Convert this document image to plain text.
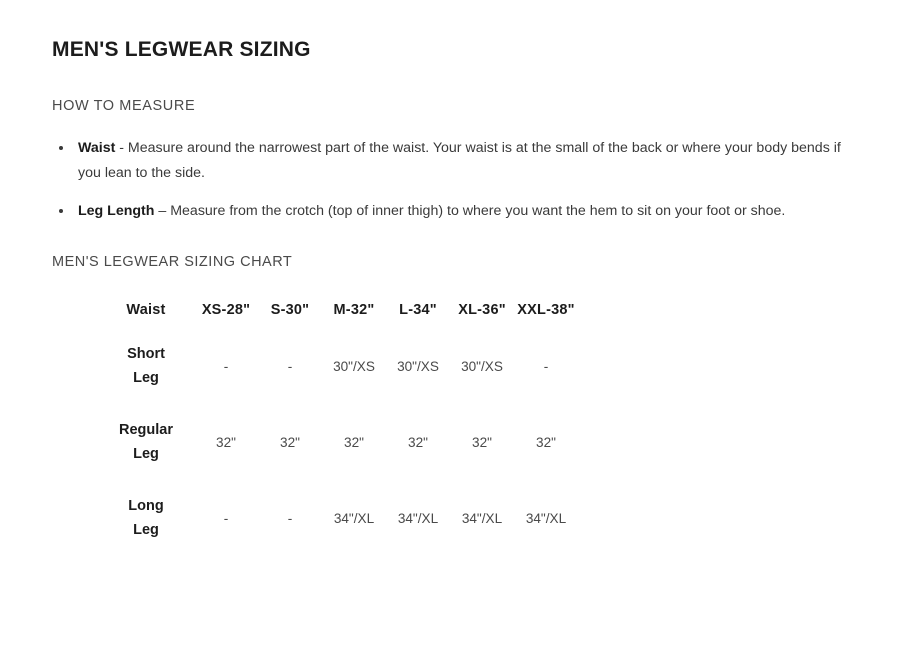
MEN'S LEGWEAR SIZING
HOW TO MEASURE
• Waist - Measure around the narrowest part of the waist. Your waist is at the small of the back or where your body bends if you lean to the side.
• Leg Length – Measure from the crotch (top of inner thigh) to where you want the hem to sit on your foot or shoe.
MEN'S LEGWEAR SIZING CHART
Waist	XS-28"	S-30"	M-32"	L-34"	XL-36"	XXL-38"

Short
Leg	-	-	30"/XS	30"/XS	30"/XS	-

Regular
Leg	32"	32"	32"	32"	32"	32"

Long
Leg	-	-	34"/XL	34"/XL	34"/XL	34"/XL
